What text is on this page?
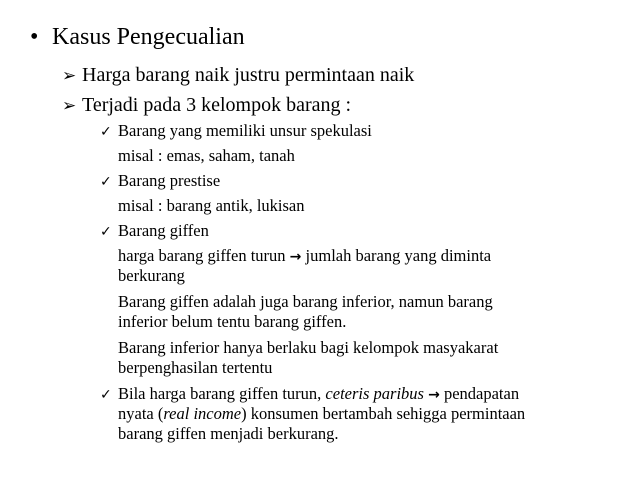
• Kasus Pengecualian
➢ Harga barang naik justru permintaan naik
➢ Terjadi pada 3 kelompok barang :
✓ Barang yang memiliki unsur spekulasi
misal : emas, saham, tanah
✓ Barang prestise
misal : barang antik, lukisan
✓ Barang giffen
harga barang giffen turun → jumlah barang yang diminta
berkurang
Barang giffen adalah juga barang inferior, namun barang
inferior belum tentu barang giffen.
Barang inferior hanya berlaku bagi kelompok masyakarat
berpenghasilan tertentu
✓ Bila harga barang giffen turun, ceteris paribus → pendapatan
nyata (real income) konsumen bertambah sehigga permintaan
barang giffen menjadi berkurang.
